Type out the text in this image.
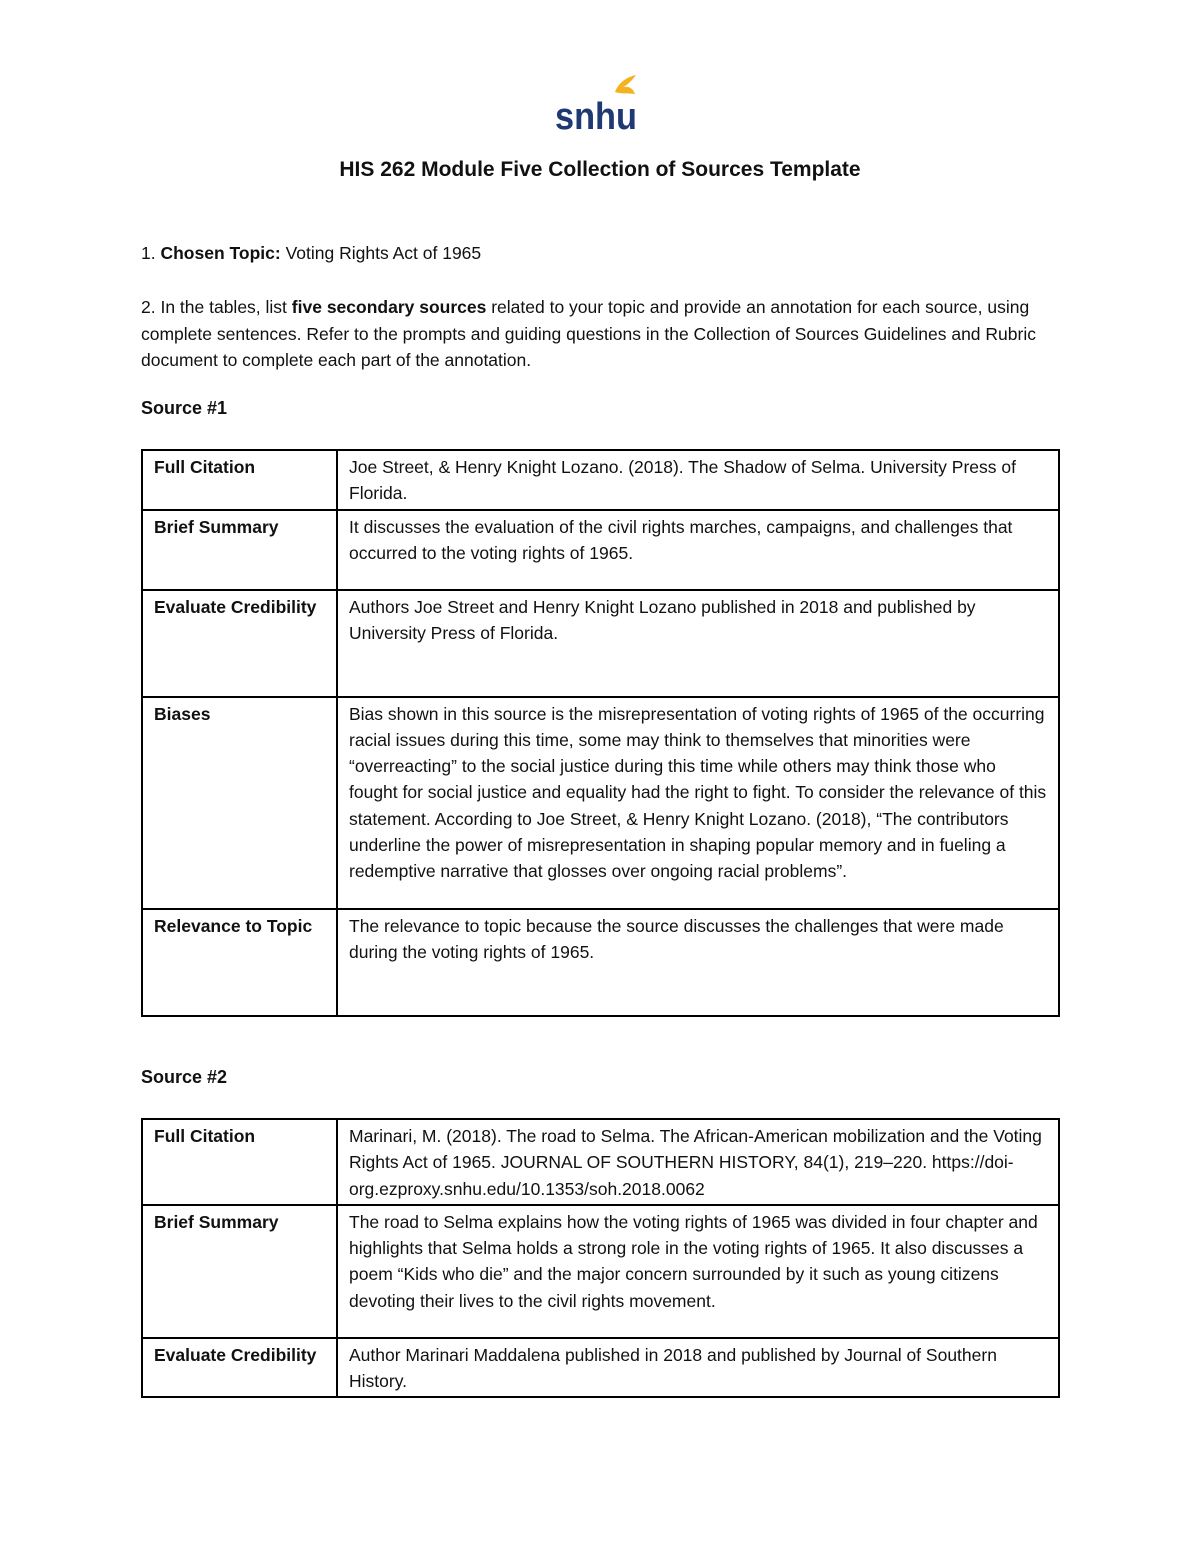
snhu
HIS 262 Module Five Collection of Sources Template
1. Chosen Topic: Voting Rights Act of 1965
2. In the tables, list five secondary sources related to your topic and provide an annotation for each source, using complete sentences. Refer to the prompts and guiding questions in the Collection of Sources Guidelines and Rubric document to complete each part of the annotation.
Source #1
Full Citation	Joe Street, & Henry Knight Lozano. (2018). The Shadow of Selma. University Press of Florida.
Brief Summary	It discusses the evaluation of the civil rights marches, campaigns, and challenges that occurred to the voting rights of 1965.
Evaluate Credibility	Authors Joe Street and Henry Knight Lozano published in 2018 and published by University Press of Florida.
Biases	Bias shown in this source is the misrepresentation of voting rights of 1965 of the occurring racial issues during this time, some may think to themselves that minorities were “overreacting” to the social justice during this time while others may think those who fought for social justice and equality had the right to fight. To consider the relevance of this statement. According to Joe Street, & Henry Knight Lozano. (2018), “The contributors underline the power of misrepresentation in shaping popular memory and in fueling a redemptive narrative that glosses over ongoing racial problems”.
Relevance to Topic	The relevance to topic because the source discusses the challenges that were made during the voting rights of 1965.
Source #2
Full Citation	Marinari, M. (2018). The road to Selma. The African-American mobilization and the Voting Rights Act of 1965. JOURNAL OF SOUTHERN HISTORY, 84(1), 219–220. https://doi-org.ezproxy.snhu.edu/10.1353/soh.2018.0062
Brief Summary	The road to Selma explains how the voting rights of 1965 was divided in four chapter and highlights that Selma holds a strong role in the voting rights of 1965. It also discusses a poem “Kids who die” and the major concern surrounded by it such as young citizens devoting their lives to the civil rights movement.
Evaluate Credibility	Author Marinari Maddalena published in 2018 and published by Journal of Southern History.
